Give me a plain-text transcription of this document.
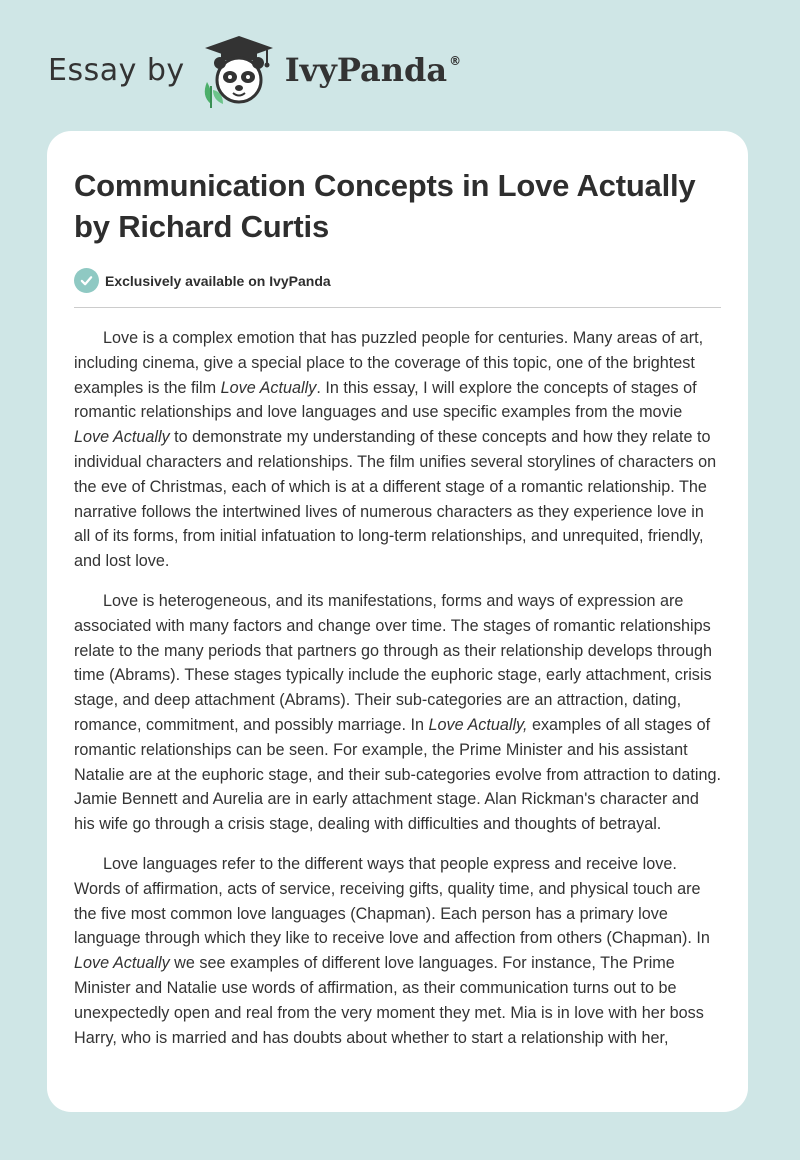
Essay by	IvyPanda ®
Communication Concepts in Love Actually by Richard Curtis
Exclusively available on IvyPanda

Love is a complex emotion that has puzzled people for centuries. Many areas of art, including cinema, give a special place to the coverage of this topic, one of the brightest examples is the film Love Actually. In this essay, I will explore the concepts of stages of romantic relationships and love languages and use specific examples from the movie Love Actually to demonstrate my understanding of these concepts and how they relate to individual characters and relationships. The film unifies several storylines of characters on the eve of Christmas, each of which is at a different stage of a romantic relationship. The narrative follows the intertwined lives of numerous characters as they experience love in all of its forms, from initial infatuation to long-term relationships, and unrequited, friendly, and lost love.

Love is heterogeneous, and its manifestations, forms and ways of expression are associated with many factors and change over time. The stages of romantic relationships relate to the many periods that partners go through as their relationship develops through time (Abrams). These stages typically include the euphoric stage, early attachment, crisis stage, and deep attachment (Abrams). Their sub-categories are an attraction, dating, romance, commitment, and possibly marriage. In Love Actually, examples of all stages of romantic relationships can be seen. For example, the Prime Minister and his assistant Natalie are at the euphoric stage, and their sub-categories evolve from attraction to dating. Jamie Bennett and Aurelia are in early attachment stage. Alan Rickman's character and his wife go through a crisis stage, dealing with difficulties and thoughts of betrayal.

Love languages refer to the different ways that people express and receive love. Words of affirmation, acts of service, receiving gifts, quality time, and physical touch are the five most common love languages (Chapman). Each person has a primary love language through which they like to receive love and affection from others (Chapman). In Love Actually we see examples of different love languages. For instance, The Prime Minister and Natalie use words of affirmation, as their communication turns out to be unexpectedly open and real from the very moment they met. Mia is in love with her boss Harry, who is married and has doubts about whether to start a relationship with her,
